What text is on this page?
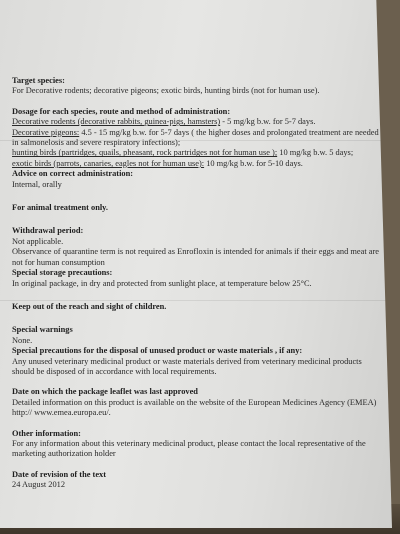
Target species:

For Decorative rodents; decorative pigeons; exotic birds, hunting birds (not for human use).

Dosage for each species, route and method of administration:

Decorative rodents (decorative rabbits, guinea-pigs, hamsters) - 5 mg/kg b.w. for 5-7 days.

Decorative pigeons: 4.5 - 15 mg/kg b.w. for 5-7 days ( the higher doses and prolongated treatment are needed in salmonelosis and severe respiratory infections);

hunting birds (partridges, quails, pheasant, rock partridges not for human use ); 10 mg/kg b.w. 5 days;

exotic birds (parrots, canaries, eagles not for human use): 10 mg/kg b.w. for 5-10 days.

Advice on correct administration:

Internal, orally

For animal treatment only.

Withdrawal period:

Not applicable.

Observance of quarantine term is not required as Enrofloxin is intended for animals if their eggs and meat are not for human consumption

Special storage precautions:

In original package, in dry and protected from sunlight place, at temperature below 25°C.

Keep out of the reach and sight of children.

Special warnings

None.

Special precautions for the disposal of unused product or waste materials , if any:

Any unused veterinary medicinal product or waste materials derived from veterinary medicinal products should be disposed of in accordance with local requirements.

Date on which the package leaflet was last approved

Detailed information on this product is available on the website of the European Medicines Agency (EMEA) http:// www.emea.europa.eu/.

Other information:

For any information about this veterinary medicinal product, please contact the local representative of the marketing authorization holder

Date of revision of the text

24 August 2012
